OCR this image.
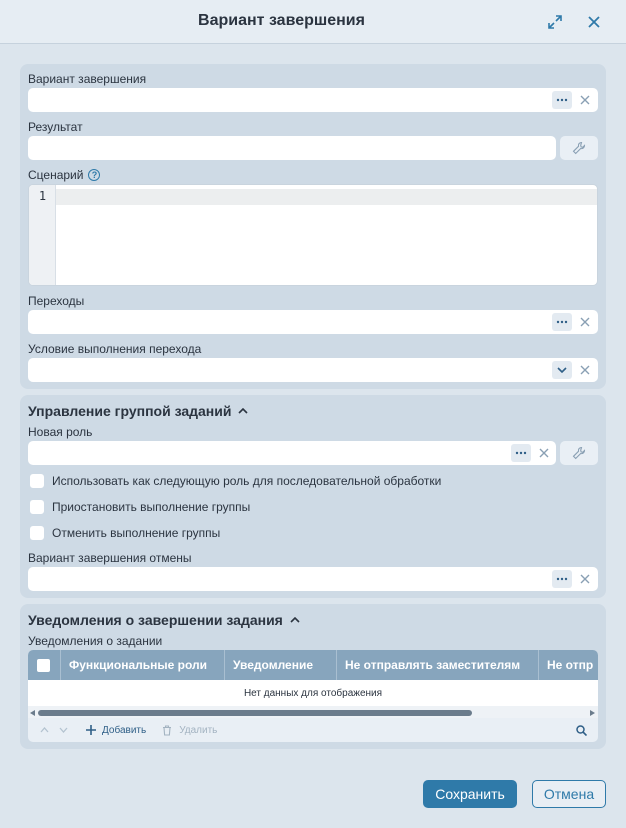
Вариант завершения
Вариант завершения
Результат
Сценарий ?
1
Переходы
Условие выполнения перехода
Управление группой заданий
Новая роль
Использовать как следующую роль для последовательной обработки
Приостановить выполнение группы
Отменить выполнение группы
Вариант завершения отмены
Уведомления о завершении задания
Уведомления о задании
Функциональные роли	Уведомление	Не отправлять заместителям	Не отпр
Нет данных для отображения
Добавить	Удалить
Сохранить	Отмена
